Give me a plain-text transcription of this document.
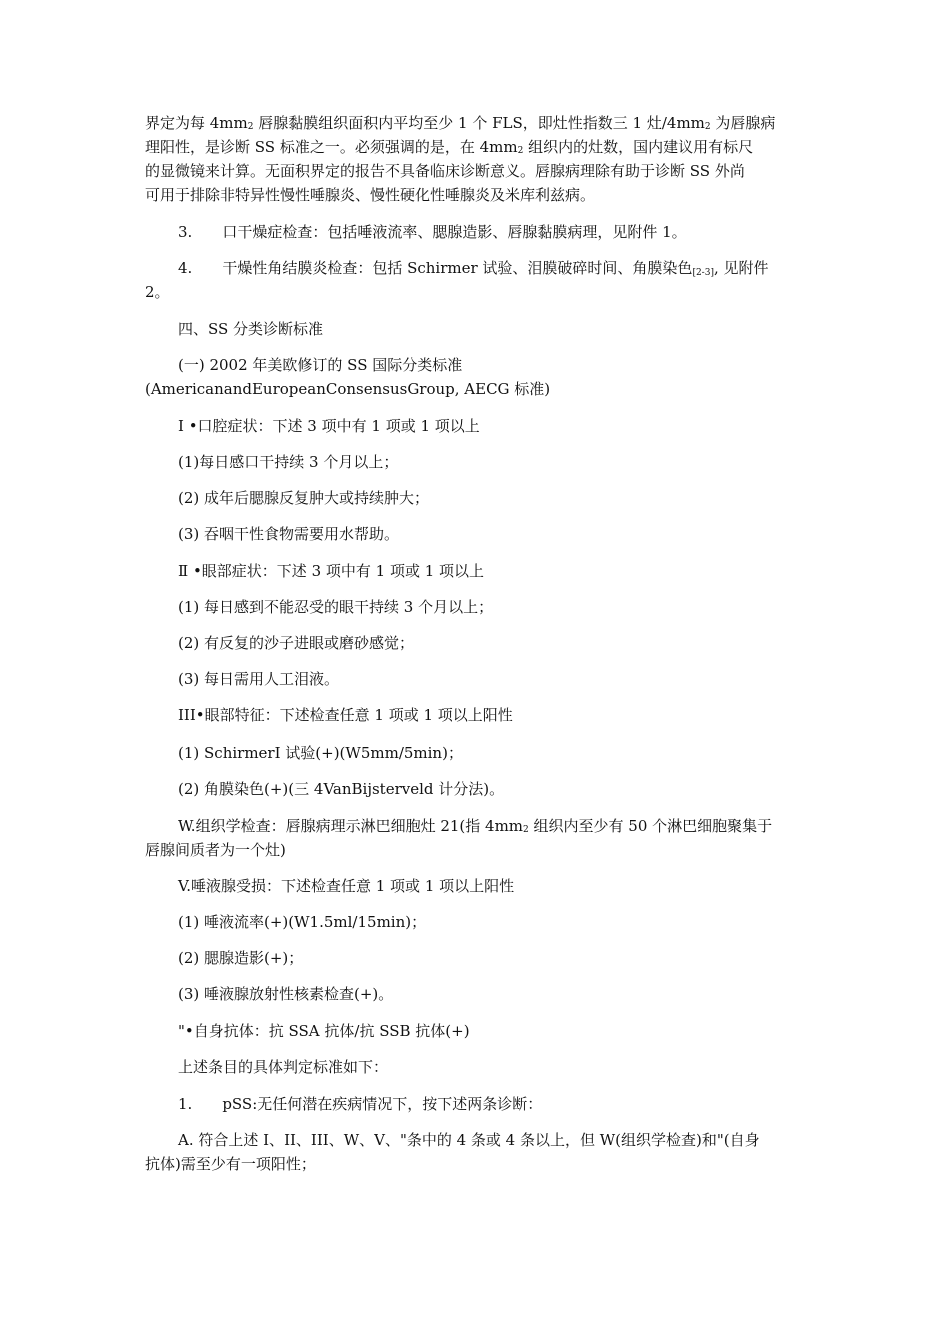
界定为每 4mm2 唇腺黏膜组织面积内平均至少 1 个 FLS，即灶性指数三 1 灶/4mm2 为唇腺病
理阳性，是诊断 SS 标准之一。必须强调的是，在 4mm2 组织内的灶数，国内建议用有标尺
的显微镜来计算。无面积界定的报告不具备临床诊断意义。唇腺病理除有助于诊断 SS 外尚
可用于排除非特异性慢性唾腺炎、慢性硬化性唾腺炎及米库利兹病。
3. 口干燥症检查：包括唾液流率、腮腺造影、唇腺黏膜病理，见附件 1。
4. 干燥性角结膜炎检查：包括 Schirmer 试验、泪膜破碎时间、角膜染色$_{[2-3]}$, 见附件
2。
四、SS 分类诊断标准
(一) 2002 年美欧修订的 SS 国际分类标准
(AmericanandEuropeanConsensusGroup, AECG 标准)
Ⅰ •口腔症状：下述 3 项中有 1 项或 1 项以上
(1)每日感口干持续 3 个月以上；
(2) 成年后腮腺反复肿大或持续肿大；
(3) 吞咽干性食物需要用水帮助。
Ⅱ •眼部症状：下述 3 项中有 1 项或 1 项以上
(1) 每日感到不能忍受的眼干持续 3 个月以上；
(2) 有反复的沙子进眼或磨砂感觉；
(3) 每日需用人工泪液。
III•眼部特征：下述检查任意 1 项或 1 项以上阳性
(1) SchirmerⅠ 试验(+)(W5mm/5min)；
(2) 角膜染色(+)(三 4VanBijsterveld 计分法)。
W.组织学检查：唇腺病理示淋巴细胞灶 21(指 4mm2 组织内至少有 50 个淋巴细胞聚集于
唇腺间质者为一个灶)
V.唾液腺受损：下述检查任意 1 项或 1 项以上阳性
(1) 唾液流率(+)(W1.5ml/15min)；
(2) 腮腺造影(+)；
(3) 唾液腺放射性核素检查(+)。
"•自身抗体：抗 SSA 抗体/抗 SSB 抗体(+)
上述条目的具体判定标准如下：
1. pSS:无任何潜在疾病情况下，按下述两条诊断：
A. 符合上述 I、II、III、W、V、"条中的 4 条或 4 条以上，但 W(组织学检查)和"(自身
抗体)需至少有一项阳性；
